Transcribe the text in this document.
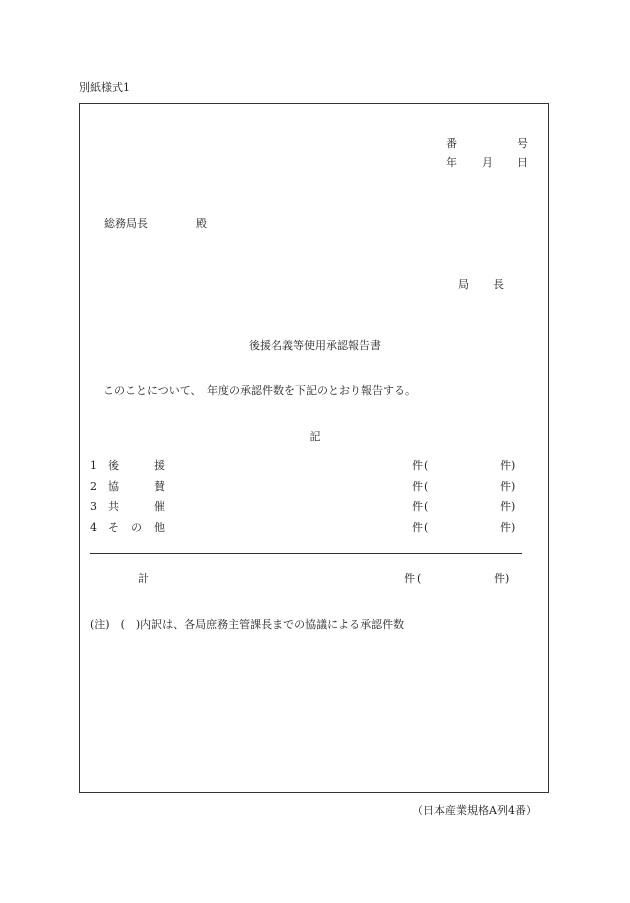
別紙様式1
番	号
年 月 日
総務局長	殿
局 長
後援名義等使用承認報告書
このことについて、　年度の承認件数を下記のとおり報告する。
記
1 後	援	件 (	件)
2 協	賛	件 (	件)
3 共	催	件 (	件)
4 そ の 他	件 (	件)
計	件 (	件)
(注)　(　)内訳は、各局庶務主管課長までの協議による承認件数
（日本産業規格A列4番）
